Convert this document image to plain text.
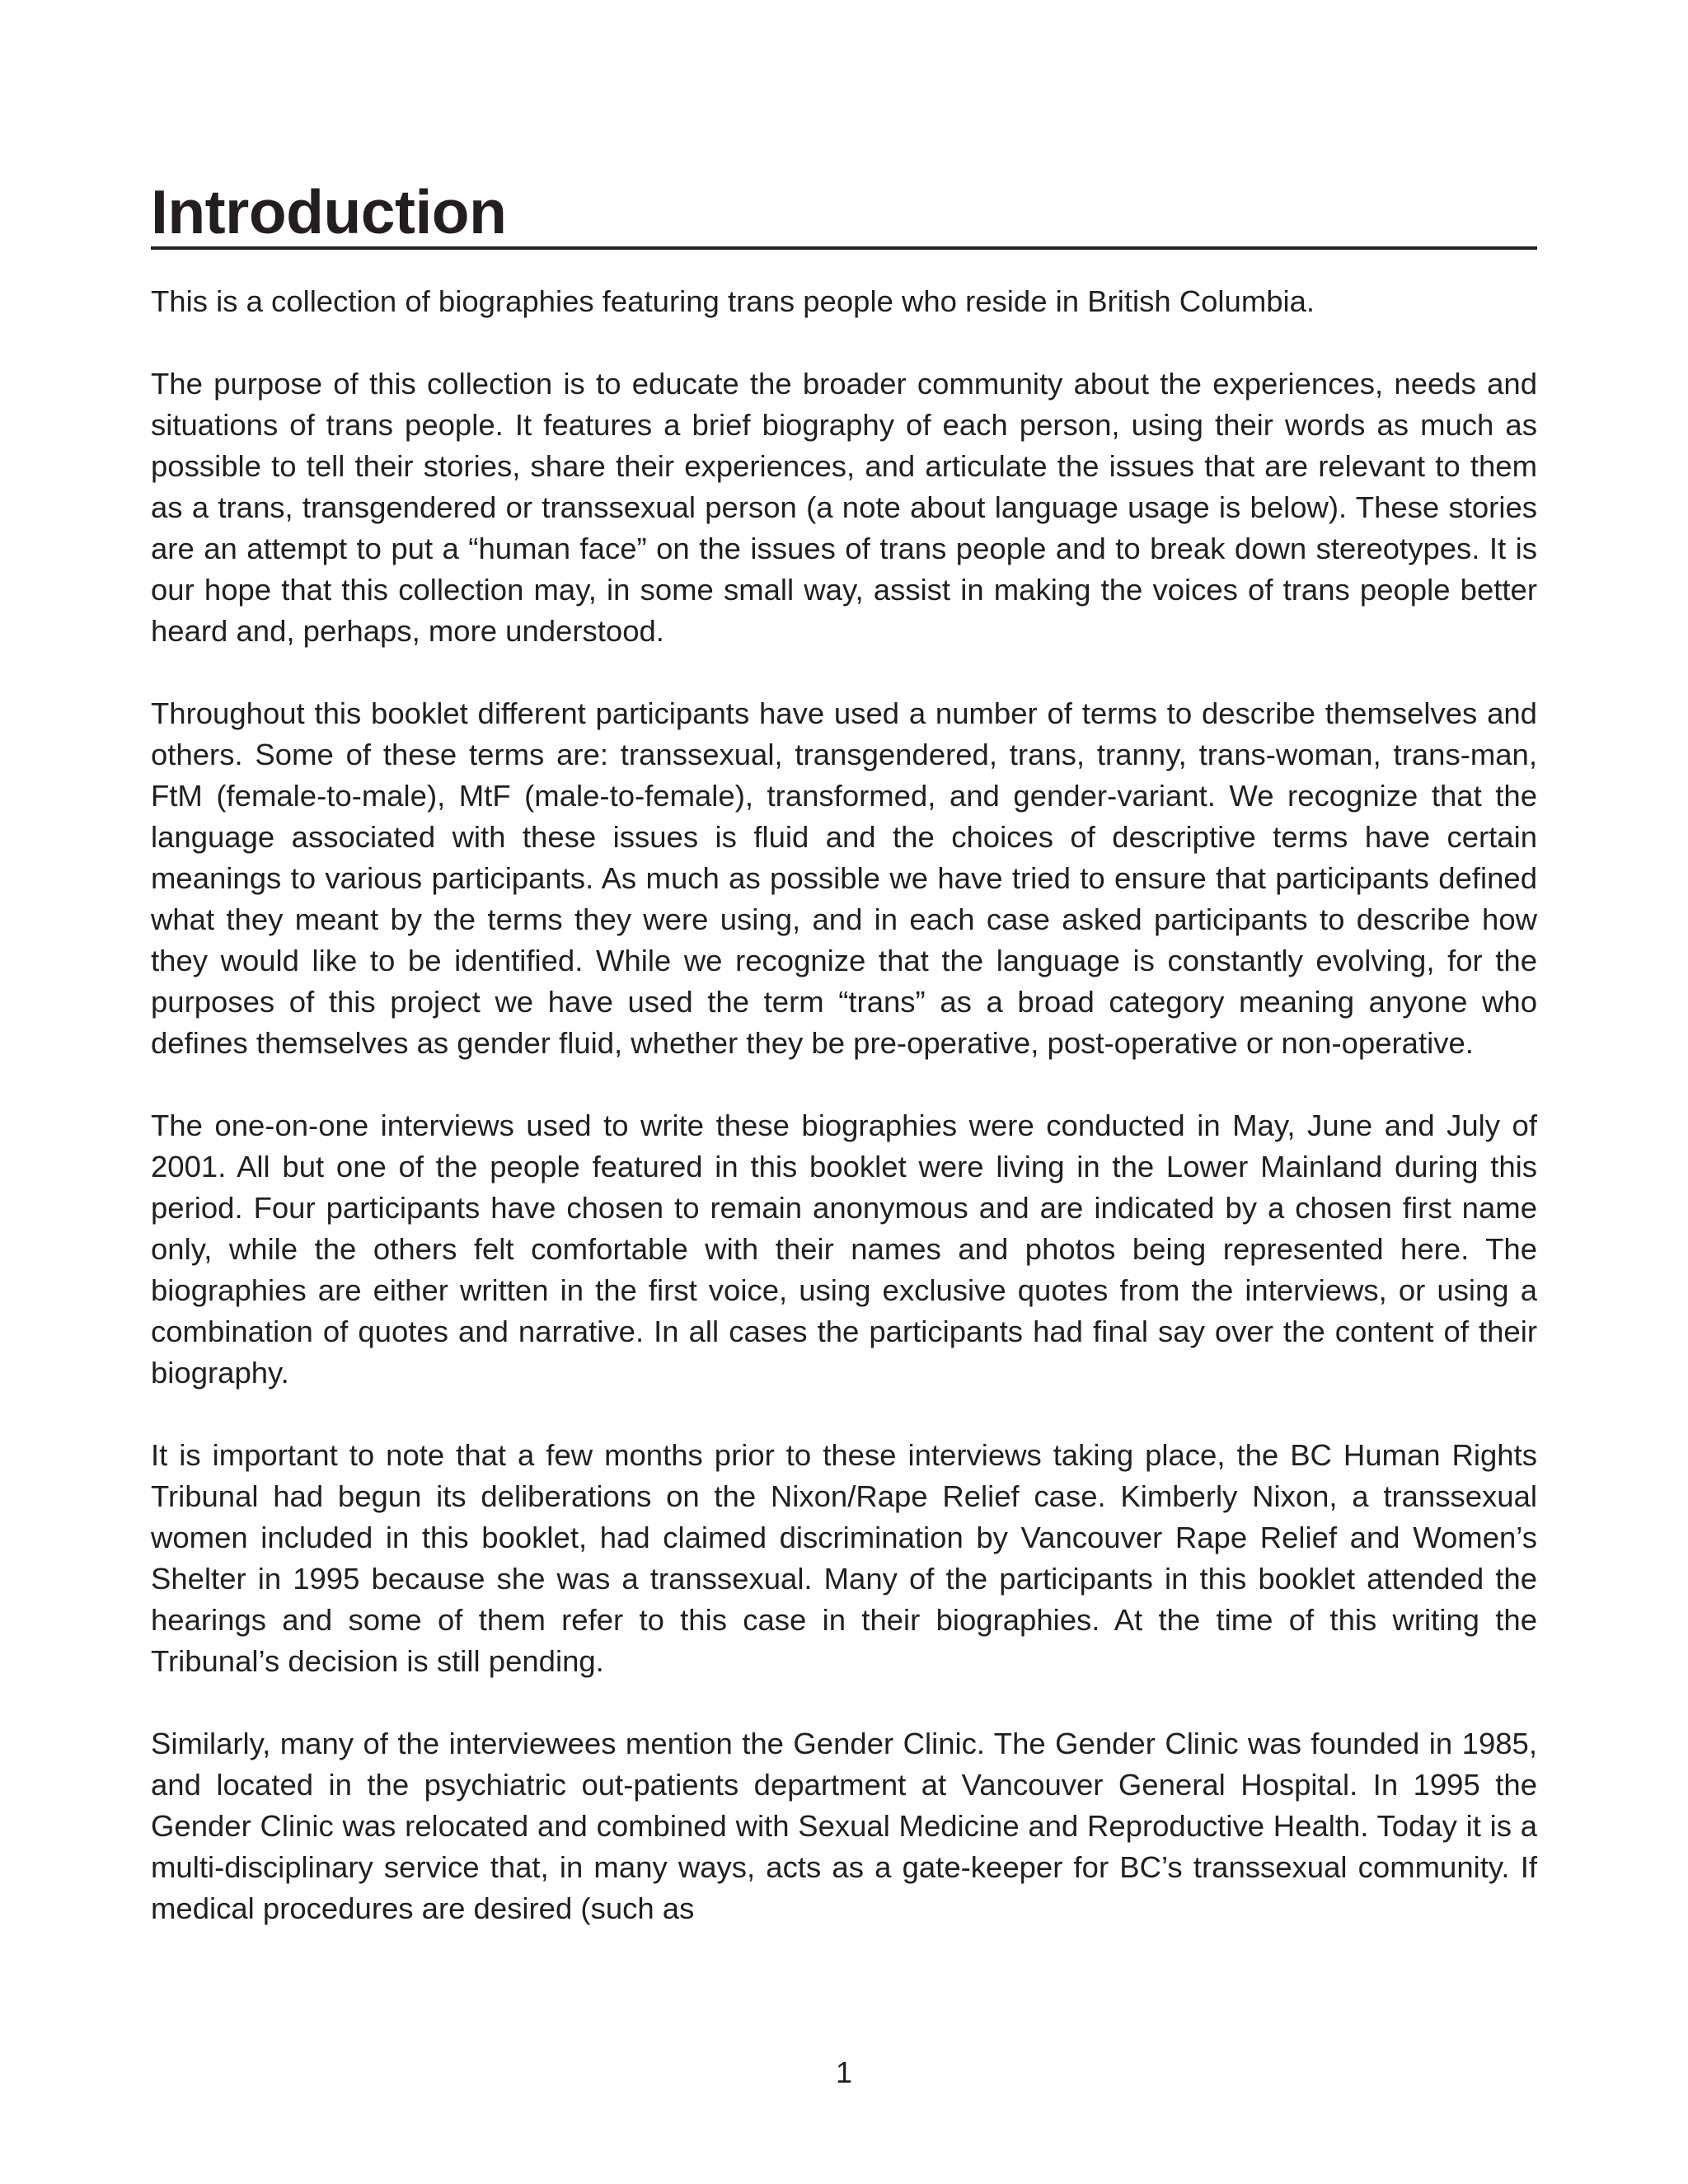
Introduction

This is a collection of biographies featuring trans people who reside in British Columbia.

The purpose of this collection is to educate the broader community about the experiences, needs and situations of trans people. It features a brief biography of each person, using their words as much as possible to tell their stories, share their experiences, and articulate the issues that are relevant to them as a trans, transgendered or transsexual person (a note about language usage is below). These stories are an attempt to put a “human face” on the issues of trans people and to break down stereotypes. It is our hope that this collection may, in some small way, assist in making the voices of trans people better heard and, perhaps, more understood.

Throughout this booklet different participants have used a number of terms to describe themselves and others. Some of these terms are: transsexual, transgendered, trans, tranny, trans-woman, trans-man, FtM (female-to-male), MtF (male-to-female), transformed, and gender-variant. We recognize that the language associated with these issues is fluid and the choices of descriptive terms have certain meanings to various participants. As much as possible we have tried to ensure that participants defined what they meant by the terms they were using, and in each case asked participants to describe how they would like to be identified. While we recognize that the language is constantly evolving, for the purposes of this project we have used the term “trans” as a broad category meaning anyone who defines themselves as gender fluid, whether they be pre-operative, post-operative or non-operative.

The one-on-one interviews used to write these biographies were conducted in May, June and July of 2001. All but one of the people featured in this booklet were living in the Lower Mainland during this period. Four participants have chosen to remain anonymous and are indicated by a chosen first name only, while the others felt comfortable with their names and photos being represented here. The biographies are either written in the first voice, using exclusive quotes from the interviews, or using a combination of quotes and narrative. In all cases the participants had final say over the content of their biography.

It is important to note that a few months prior to these interviews taking place, the BC Human Rights Tribunal had begun its deliberations on the Nixon/Rape Relief case. Kimberly Nixon, a transsexual women included in this booklet, had claimed discrimination by Vancouver Rape Relief and Women’s Shelter in 1995 because she was a transsexual. Many of the participants in this booklet attended the hearings and some of them refer to this case in their biographies. At the time of this writing the Tribunal’s decision is still pending.

Similarly, many of the interviewees mention the Gender Clinic. The Gender Clinic was founded in 1985, and located in the psychiatric out-patients department at Vancouver General Hospital. In 1995 the Gender Clinic was relocated and combined with Sexual Medicine and Reproductive Health. Today it is a multi-disciplinary service that, in many ways, acts as a gate-keeper for BC’s transsexual community. If medical procedures are desired (such as

1
